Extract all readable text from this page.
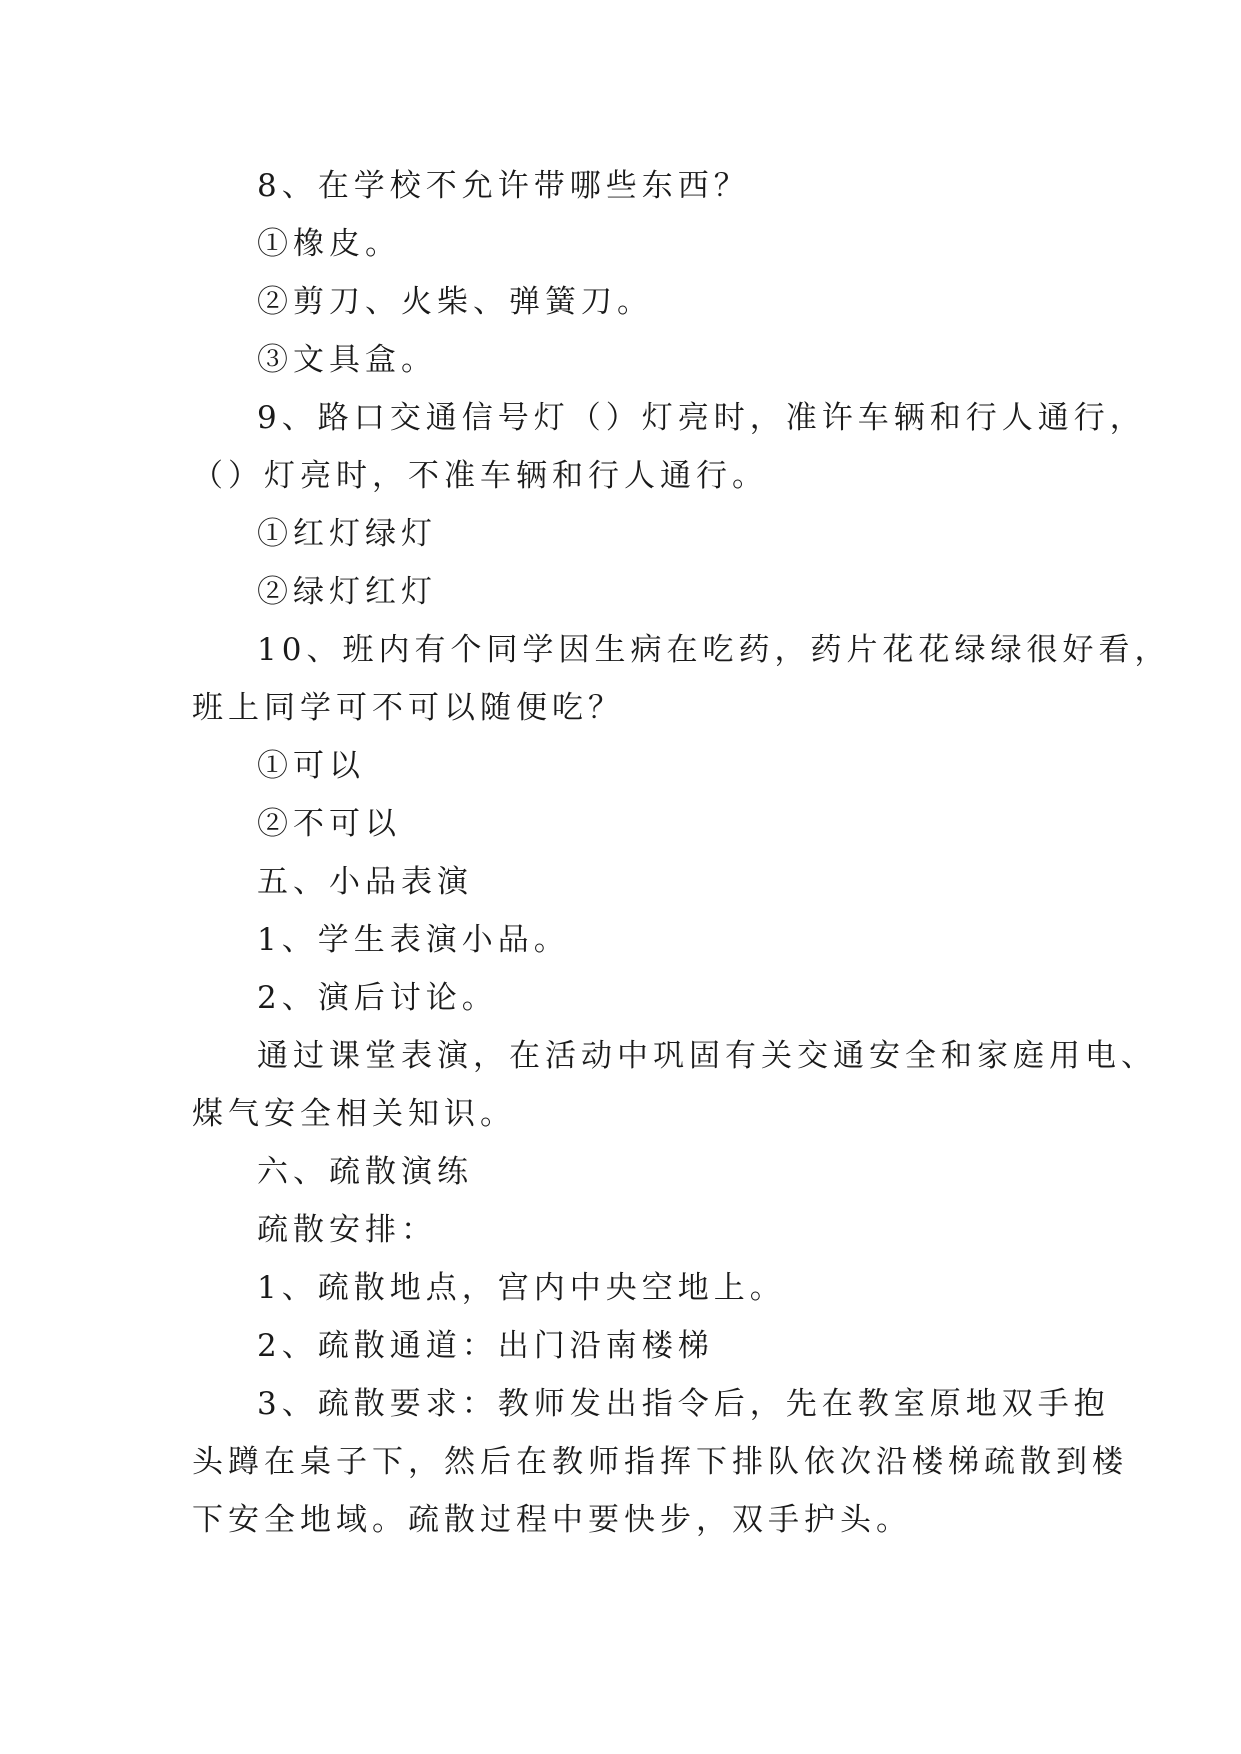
8、在学校不允许带哪些东西？
①橡皮。
②剪刀、火柴、弹簧刀。
③文具盒。
9、路口交通信号灯（）灯亮时，准许车辆和行人通行，
（）灯亮时，不准车辆和行人通行。
①红灯绿灯
②绿灯红灯
10、班内有个同学因生病在吃药，药片花花绿绿很好看，
班上同学可不可以随便吃？
①可以
②不可以
五、小品表演
1、学生表演小品。
2、演后讨论。
通过课堂表演，在活动中巩固有关交通安全和家庭用电、
煤气安全相关知识。
六、疏散演练
疏散安排：
1、疏散地点，宫内中央空地上。
2、疏散通道：出门沿南楼梯
3、疏散要求：教师发出指令后，先在教室原地双手抱
头蹲在桌子下，然后在教师指挥下排队依次沿楼梯疏散到楼
下安全地域。疏散过程中要快步，双手护头。
